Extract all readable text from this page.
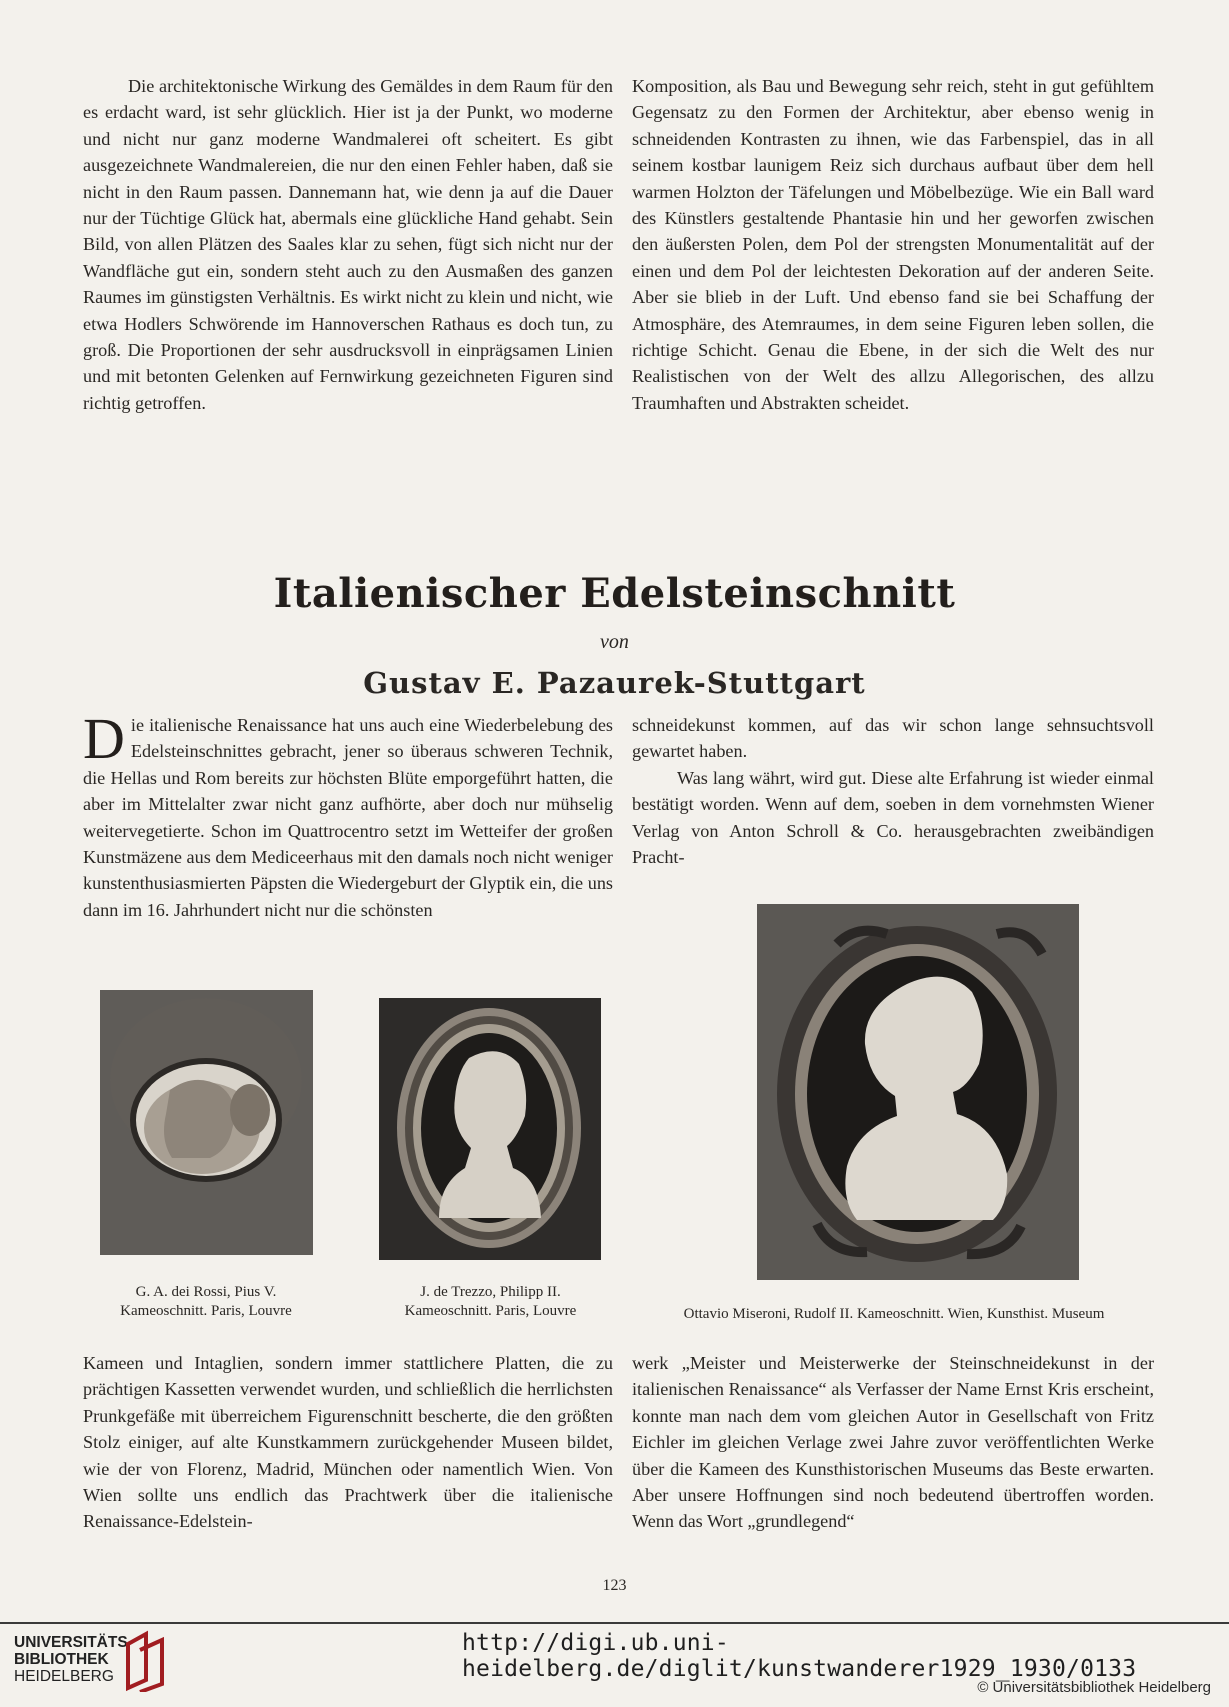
Die architektonische Wirkung des Gemäldes in dem Raum für den es erdacht ward, ist sehr glücklich. Hier ist ja der Punkt, wo moderne und nicht nur ganz moderne Wandmalerei oft scheitert. Es gibt ausgezeichnete Wandmalereien, die nur den einen Fehler haben, daß sie nicht in den Raum passen. Dannemann hat, wie denn ja auf die Dauer nur der Tüchtige Glück hat, abermals eine glückliche Hand gehabt. Sein Bild, von allen Plätzen des Saales klar zu sehen, fügt sich nicht nur der Wandfläche gut ein, sondern steht auch zu den Ausmaßen des ganzen Raumes im günstigsten Verhältnis. Es wirkt nicht zu klein und nicht, wie etwa Hodlers Schwörende im Hannoverschen Rathaus es doch tun, zu groß. Die Proportionen der sehr ausdrucksvoll in einprägsamen Linien und mit betonten Gelenken auf Fernwirkung gezeichneten Figuren sind richtig getroffen.

Komposition, als Bau und Bewegung sehr reich, steht in gut gefühltem Gegensatz zu den Formen der Architektur, aber ebenso wenig in schneidenden Kontrasten zu ihnen, wie das Farbenspiel, das in all seinem kostbar launigem Reiz sich durchaus aufbaut über dem hell warmen Holzton der Täfelungen und Möbelbezüge. Wie ein Ball ward des Künstlers gestaltende Phantasie hin und her geworfen zwischen den äußersten Polen, dem Pol der strengsten Monumentalität auf der einen und dem Pol der leichtesten Dekoration auf der anderen Seite. Aber sie blieb in der Luft. Und ebenso fand sie bei Schaffung der Atmosphäre, des Atemraumes, in dem seine Figuren leben sollen, die richtige Schicht. Genau die Ebene, in der sich die Welt des nur Realistischen von der Welt des allzu Allegorischen, des allzu Traumhaften und Abstrakten scheidet.

Italienischer Edelsteinschnitt
von
Gustav E. Pazaurek-Stuttgart

Die italienische Renaissance hat uns auch eine Wiederbelebung des Edelsteinschnittes gebracht, jener so überaus schweren Technik, die Hellas und Rom bereits zur höchsten Blüte emporgeführt hatten, die aber im Mittelalter zwar nicht ganz aufhörte, aber doch nur mühselig weitervegetierte. Schon im Quattrocentro setzt im Wetteifer der großen Kunstmäzene aus dem Mediceerhaus mit den damals noch nicht weniger kunstenthusiasmierten Päpsten die Wiedergeburt der Glyptik ein, die uns dann im 16. Jahrhundert nicht nur die schönsten

schneidekunst kommen, auf das wir schon lange sehnsuchtsvoll gewartet haben.

Was lang währt, wird gut. Diese alte Erfahrung ist wieder einmal bestätigt worden. Wenn auf dem, soeben in dem vornehmsten Wiener Verlag von Anton Schroll & Co. herausgebrachten zweibändigen Pracht-

G. A. dei Rossi, Pius V.
Kameoschnitt. Paris, Louvre
J. de Trezzo, Philipp II.
Kameoschnitt. Paris, Louvre	Ottavio Miseroni, Rudolf II. Kameoschnitt. Wien, Kunsthist. Museum

Kameen und Intaglien, sondern immer stattlichere Platten, die zu prächtigen Kassetten verwendet wurden, und schließlich die herrlichsten Prunkgefäße mit überreichem Figurenschnitt bescherte, die den größten Stolz einiger, auf alte Kunstkammern zurückgehender Museen bildet, wie der von Florenz, Madrid, München oder namentlich Wien. Von Wien sollte uns endlich das Prachtwerk über die italienische Renaissance-Edelstein-

werk „Meister und Meisterwerke der Steinschneidekunst in der italienischen Renaissance“ als Verfasser der Name Ernst Kris erscheint, konnte man nach dem vom gleichen Autor in Gesellschaft von Fritz Eichler im gleichen Verlage zwei Jahre zuvor veröffentlichten Werke über die Kameen des Kunsthistorischen Museums das Beste erwarten. Aber unsere Hoffnungen sind noch bedeutend übertroffen worden. Wenn das Wort „grundlegend“

123
UNIVERSITÄTS-
BIBLIOTHEK
HEIDELBERG
http://digi.ub.uni-heidelberg.de/diglit/kunstwanderer1929_1930/0133
© Universitätsbibliothek Heidelberg
